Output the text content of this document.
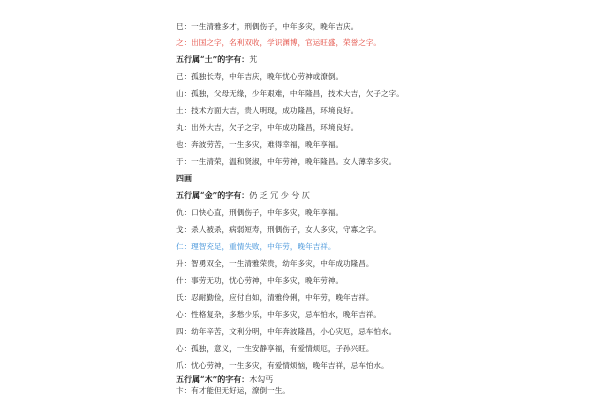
巳：一生清雅多才，刑偶伤子，中年多灾，晚年吉庆。
之：出国之字，名利双收，学识渊博，官运旺盛，荣誉之字。
五行属“土”的字有：艽
己：孤独长寿，中年吉庆，晚年忧心劳神或潦倒。
山：孤独，父母无缘，少年艰难，中年隆昌，技术大吉，欠子之字。
土：技术方面大吉，贵人明现，成功隆昌，环境良好。
丸：出外大吉，欠子之字，中年成功隆昌，环境良好。
也：奔波劳苦，一生多灾，难得幸福，晚年享福。
于：一生清荣，温和贤淑，中年劳神，晚年隆昌。女人薄幸多灾。
四画
五行属“金”的字有：仍 乏 冗 少 兮 仄
仇：口快心直，刑偶伤子，中年多灾，晚年享福。
戈：杀人被杀，病弱短寿，刑偶伤子，女人多灾，守寡之字。
仁：理智充足，重情失败，中年劳，晚年吉祥。
升：智勇双全，一生清雅荣贵，幼年多灾，中年成功隆昌。
什：事劳无功，忧心劳神，中年多灾，晚年劳神。
氏：忍耐勤俭，应付自如，清雅伶俐，中年劳，晚年吉祥。
心：性格复杂，多愁少乐，中年多灾，忌车怕水，晚年吉祥。
四：幼年辛苦，文利分明，中年奔波隆昌，小心灾厄，忌车怕水。
心：孤独，意义，一生安静享福，有爱情烦厄，子孙兴旺。
爪：忧心劳神，一生多灾，有爱情烦恼，晚年吉祥，忌车怕水。
五行属“木”的字有：木勾丐
卞：有才能但无好运，潦倒一生。
